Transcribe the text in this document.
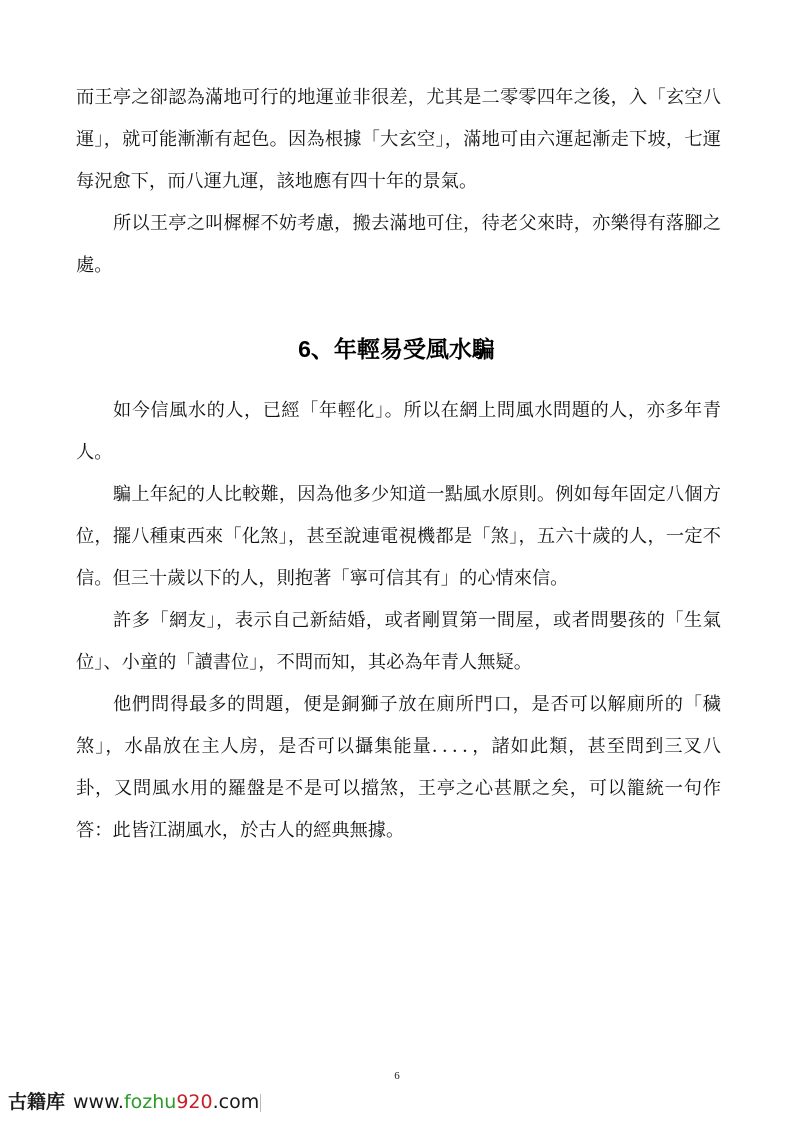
而王亭之卻認為滿地可行的地運並非很差，尤其是二零零四年之後，入「玄空八運」，就可能漸漸有起色。因為根據「大玄空」，滿地可由六運起漸走下坡，七運每況愈下，而八運九運，該地應有四十年的景氣。

所以王亭之叫樨樨不妨考慮，搬去滿地可住，待老父來時，亦樂得有落腳之處。

6、年輕易受風水騙

如今信風水的人，已經「年輕化」。所以在網上問風水問題的人，亦多年青人。

騙上年紀的人比較難，因為他多少知道一點風水原則。例如每年固定八個方位，擺八種東西來「化煞」，甚至說連電視機都是「煞」，五六十歲的人，一定不信。但三十歲以下的人，則抱著「寧可信其有」的心情來信。

許多「網友」，表示自己新結婚，或者剛買第一間屋，或者問嬰孩的「生氣位」、小童的「讀書位」，不問而知，其必為年青人無疑。

他們問得最多的問題，便是銅獅子放在廁所門口，是否可以解廁所的「穢煞」，水晶放在主人房，是否可以攝集能量．．．．，諸如此類，甚至問到三叉八卦，又問風水用的羅盤是不是可以擋煞，王亭之心甚厭之矣，可以籠統一句作答：此皆江湖風水，於古人的經典無據。

6
古籍库 www.fozhu920.com
